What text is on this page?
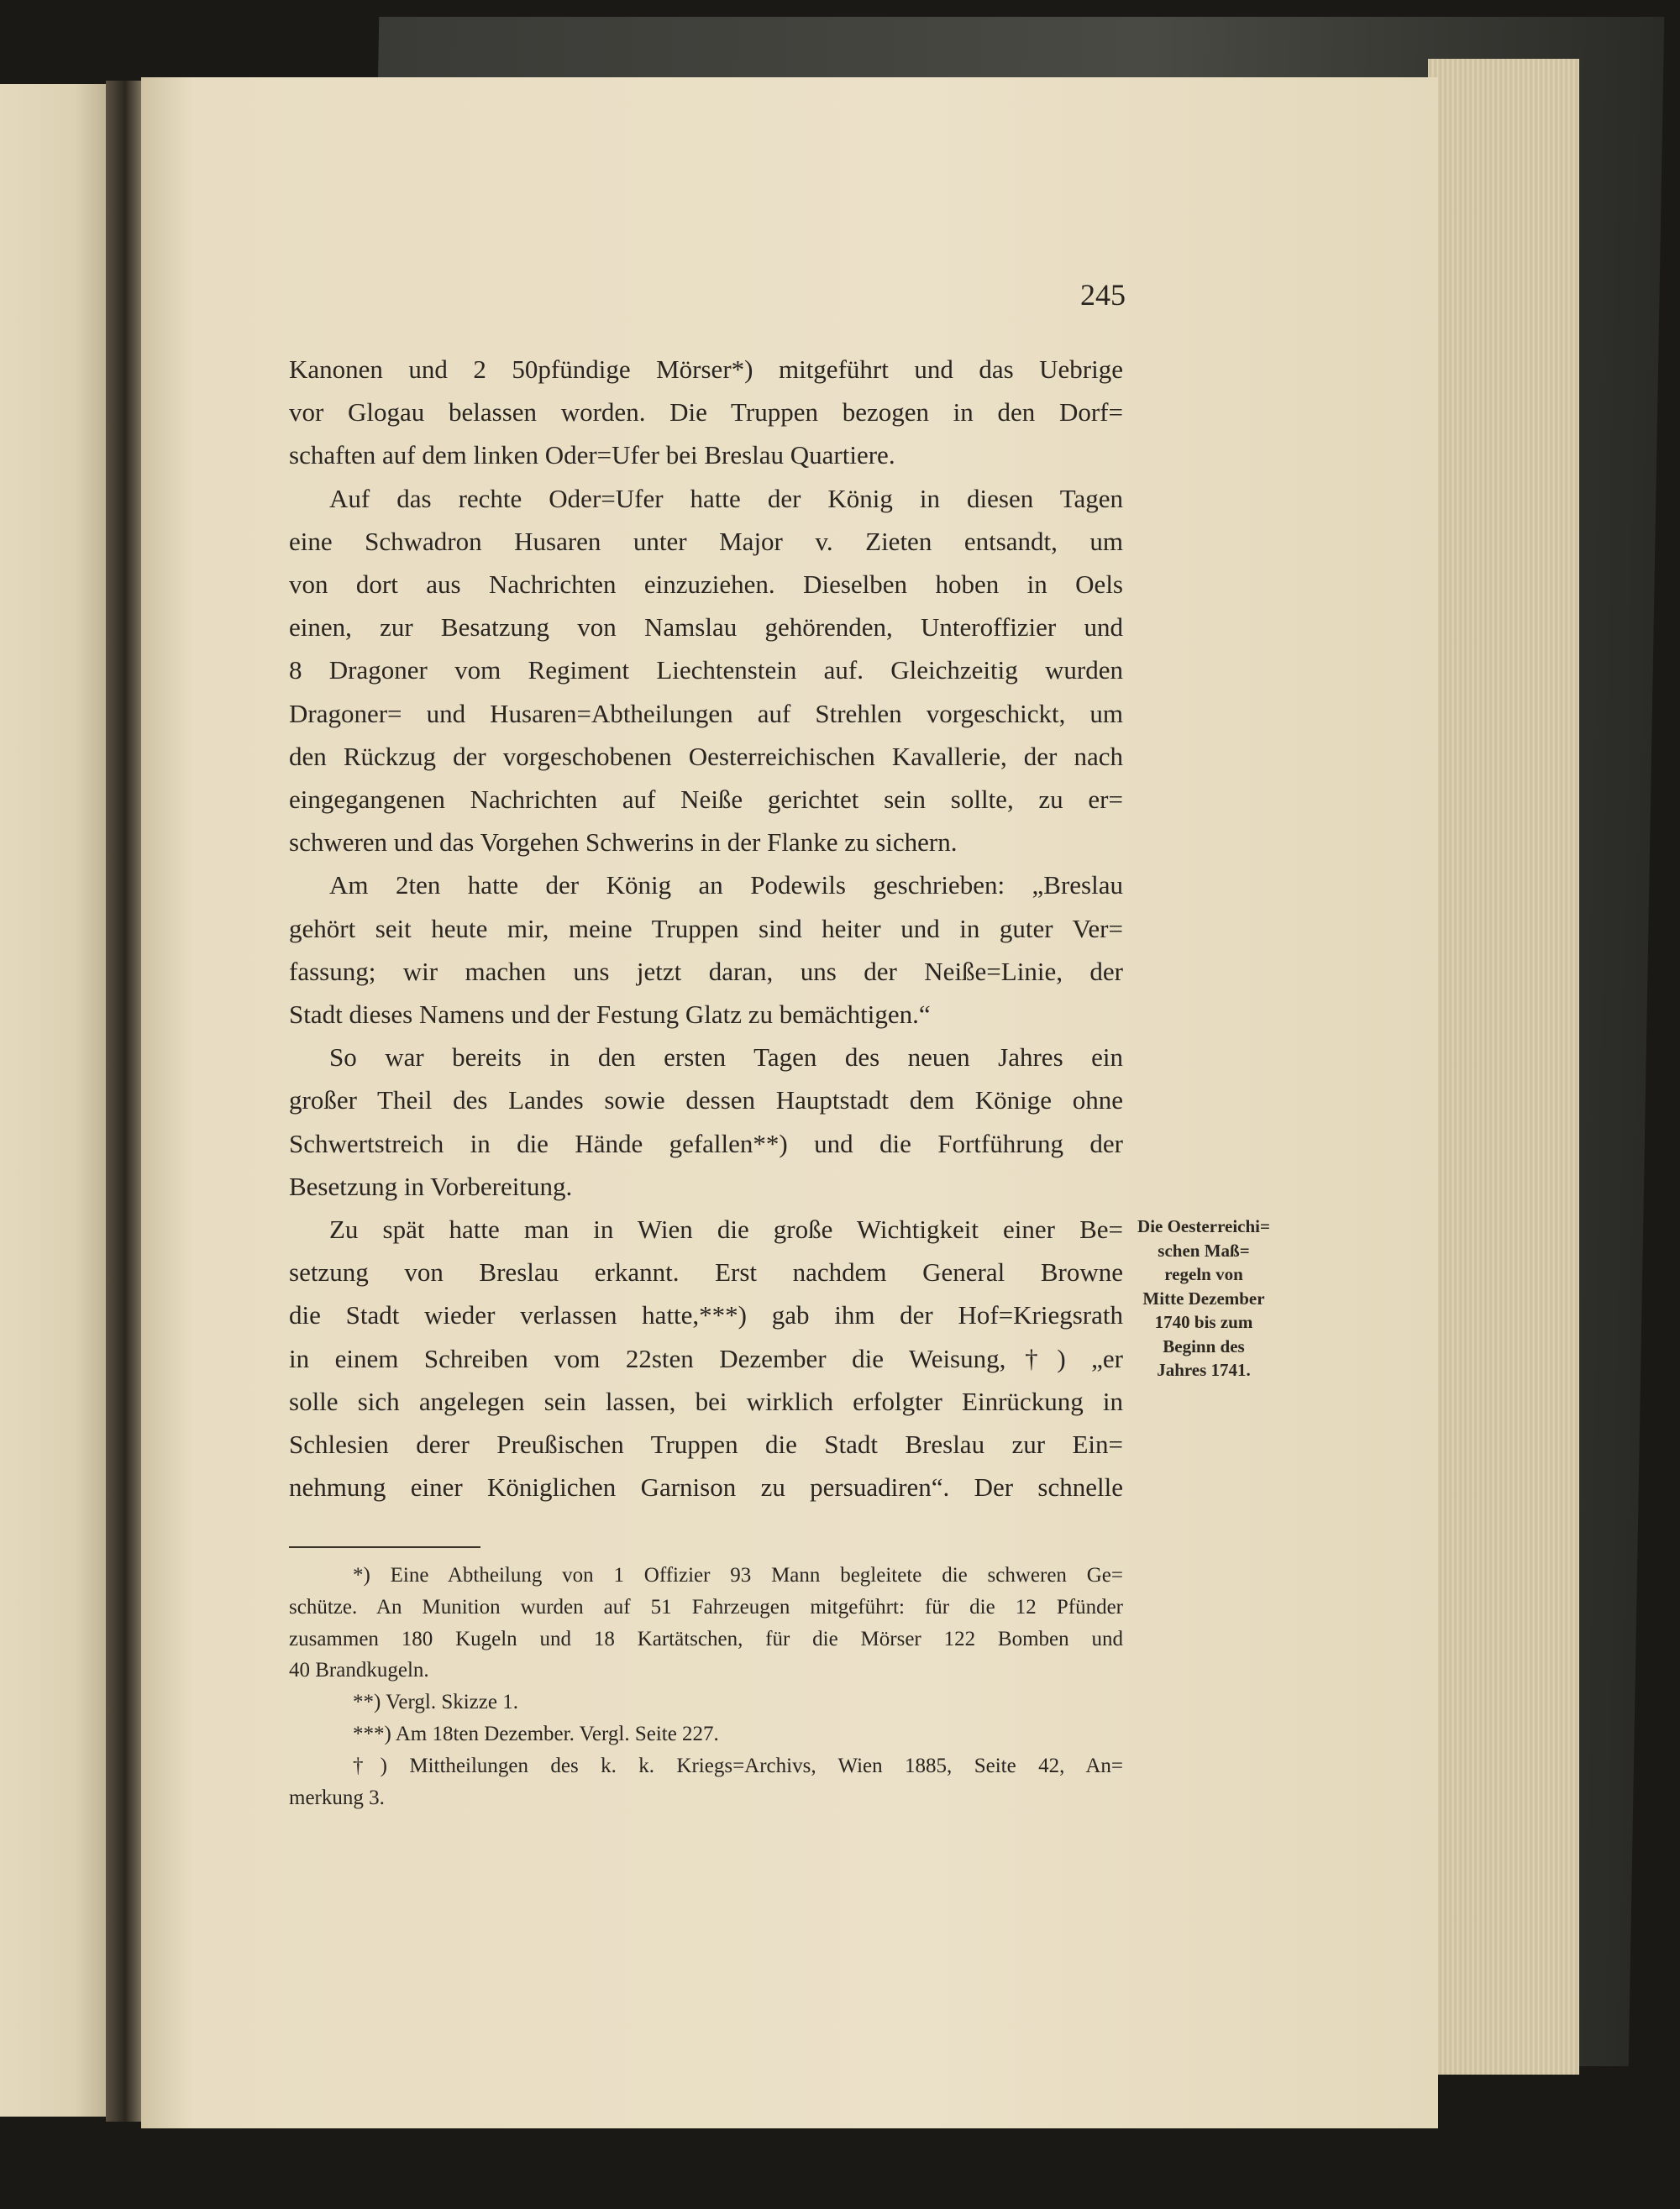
245
Kanonen und 2 50pfündige Mörser*) mitgeführt und das Uebrige
vor Glogau belassen worden. Die Truppen bezogen in den Dorf=
schaften auf dem linken Oder=Ufer bei Breslau Quartiere.
Auf das rechte Oder=Ufer hatte der König in diesen Tagen
eine Schwadron Husaren unter Major v. Zieten entsandt, um
von dort aus Nachrichten einzuziehen. Dieselben hoben in Oels
einen, zur Besatzung von Namslau gehörenden, Unteroffizier und
8 Dragoner vom Regiment Liechtenstein auf. Gleichzeitig wurden
Dragoner= und Husaren=Abtheilungen auf Strehlen vorgeschickt, um
den Rückzug der vorgeschobenen Oesterreichischen Kavallerie, der nach
eingegangenen Nachrichten auf Neiße gerichtet sein sollte, zu er=
schweren und das Vorgehen Schwerins in der Flanke zu sichern.
Am 2ten hatte der König an Podewils geschrieben: „Breslau
gehört seit heute mir, meine Truppen sind heiter und in guter Ver=
fassung; wir machen uns jetzt daran, uns der Neiße=Linie, der
Stadt dieses Namens und der Festung Glatz zu bemächtigen.“
So war bereits in den ersten Tagen des neuen Jahres ein
großer Theil des Landes sowie dessen Hauptstadt dem Könige ohne
Schwertstreich in die Hände gefallen**) und die Fortführung der
Besetzung in Vorbereitung.
Zu spät hatte man in Wien die große Wichtigkeit einer Be=
setzung von Breslau erkannt. Erst nachdem General Browne
die Stadt wieder verlassen hatte,***) gab ihm der Hof=Kriegsrath
in einem Schreiben vom 22sten Dezember die Weisung,†) „er
solle sich angelegen sein lassen, bei wirklich erfolgter Einrückung in
Schlesien derer Preußischen Truppen die Stadt Breslau zur Ein=
nehmung einer Königlichen Garnison zu persuadiren“. Der schnelle
Die Oesterreichi=
schen Maß=
regeln von
Mitte Dezember
1740 bis zum
Beginn des
Jahres 1741.
*) Eine Abtheilung von 1 Offizier 93 Mann begleitete die schweren Ge=
schütze. An Munition wurden auf 51 Fahrzeugen mitgeführt: für die 12 Pfünder
zusammen 180 Kugeln und 18 Kartätschen, für die Mörser 122 Bomben und
40 Brandkugeln.
**) Vergl. Skizze 1.
***) Am 18ten Dezember. Vergl. Seite 227.
†) Mittheilungen des k. k. Kriegs=Archivs, Wien 1885, Seite 42, An=
merkung 3.
